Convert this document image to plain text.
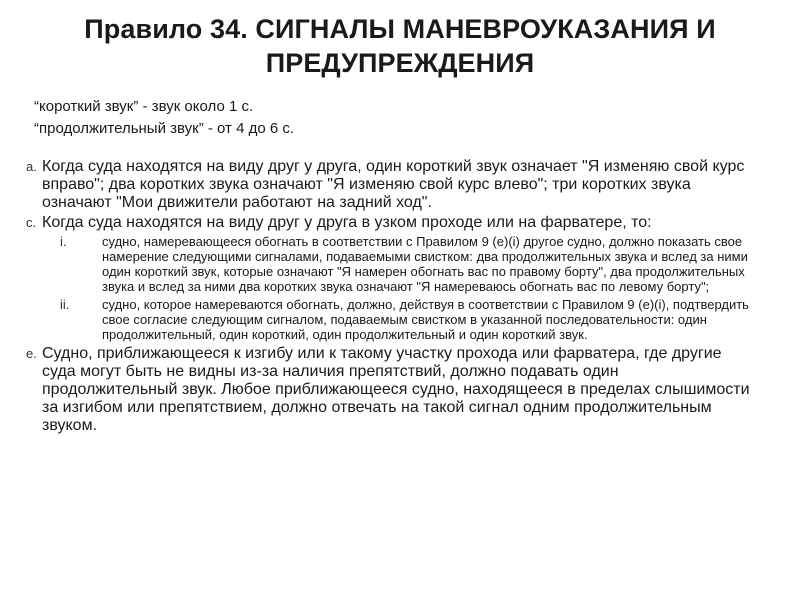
Правило 34. СИГНАЛЫ МАНЕВРОУКАЗАНИЯ И ПРЕДУПРЕЖДЕНИЯ
“короткий звук” - звук около 1 с.
“продолжительный звук” - от 4 до 6 с.
a. Когда суда находятся на виду друг у друга, один короткий звук означает "Я изменяю свой курс вправо"; два коротких звука означают "Я изменяю свой курс влево"; три коротких звука означают "Мои движители работают на задний ход".
c. Когда суда находятся на виду друг у друга в узком проходе или на фарватере, то:
i.	судно, намеревающееся обогнать в соответствии с Правилом 9 (е)(i) другое судно, должно показать свое намерение следующими сигналами, подаваемыми свистком: два продолжительных звука и вслед за ними один короткий звук, которые означают "Я намерен обогнать вас по правому борту", два продолжительных звука и вслед за ними два коротких звука означают "Я намереваюсь обогнать вас по левому борту";
ii.	судно, которое намереваются обогнать, должно, действуя в соответствии с Правилом 9 (е)(i), подтвердить свое согласие следующим сигналом, подаваемым свистком в указанной последовательности: один продолжительный, один короткий, один продолжительный и один короткий звук.
e. Судно, приближающееся к изгибу или к такому участку прохода или фарватера, где другие суда могут быть не видны из-за наличия препятствий, должно подавать один продолжительный звук. Любое приближающееся судно, находящееся в пределах слышимости за изгибом или препятствием, должно отвечать на такой сигнал одним продолжительным звуком.
